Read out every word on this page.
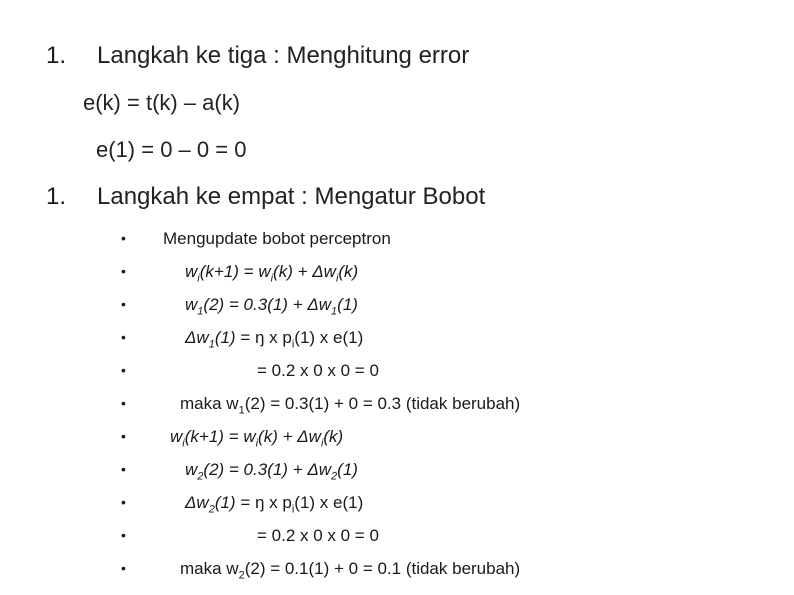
1. Langkah ke tiga : Menghitung error
e(k) = t(k) – a(k)
e(1) = 0 – 0 = 0
1. Langkah ke empat : Mengatur Bobot
•
•
•
•
•
•
•
•
•
•
•
Mengupdate bobot perceptron
$w_i(k+1) = w_i(k) + \Delta w_i(k)$
$w_1(2) = 0.3(1) + \Delta w_1(1)$
$\Delta w_1(1)$ = ŋ x $p_i(1)$ x e(1)
= 0.2 x 0 x 0 = 0
maka $w_1(2) = 0.3(1) + 0 = 0.3$ (tidak berubah)
$w_i(k+1) = w_i(k) + \Delta w_i(k)$
$w_2(2) = 0.3(1) + \Delta w_2(1)$
$\Delta w_2(1)$ = ŋ x $p_i(1)$ x e(1)
= 0.2 x 0 x 0 = 0
maka $w_2(2) = 0.1(1) + 0 = 0.1$ (tidak berubah)
